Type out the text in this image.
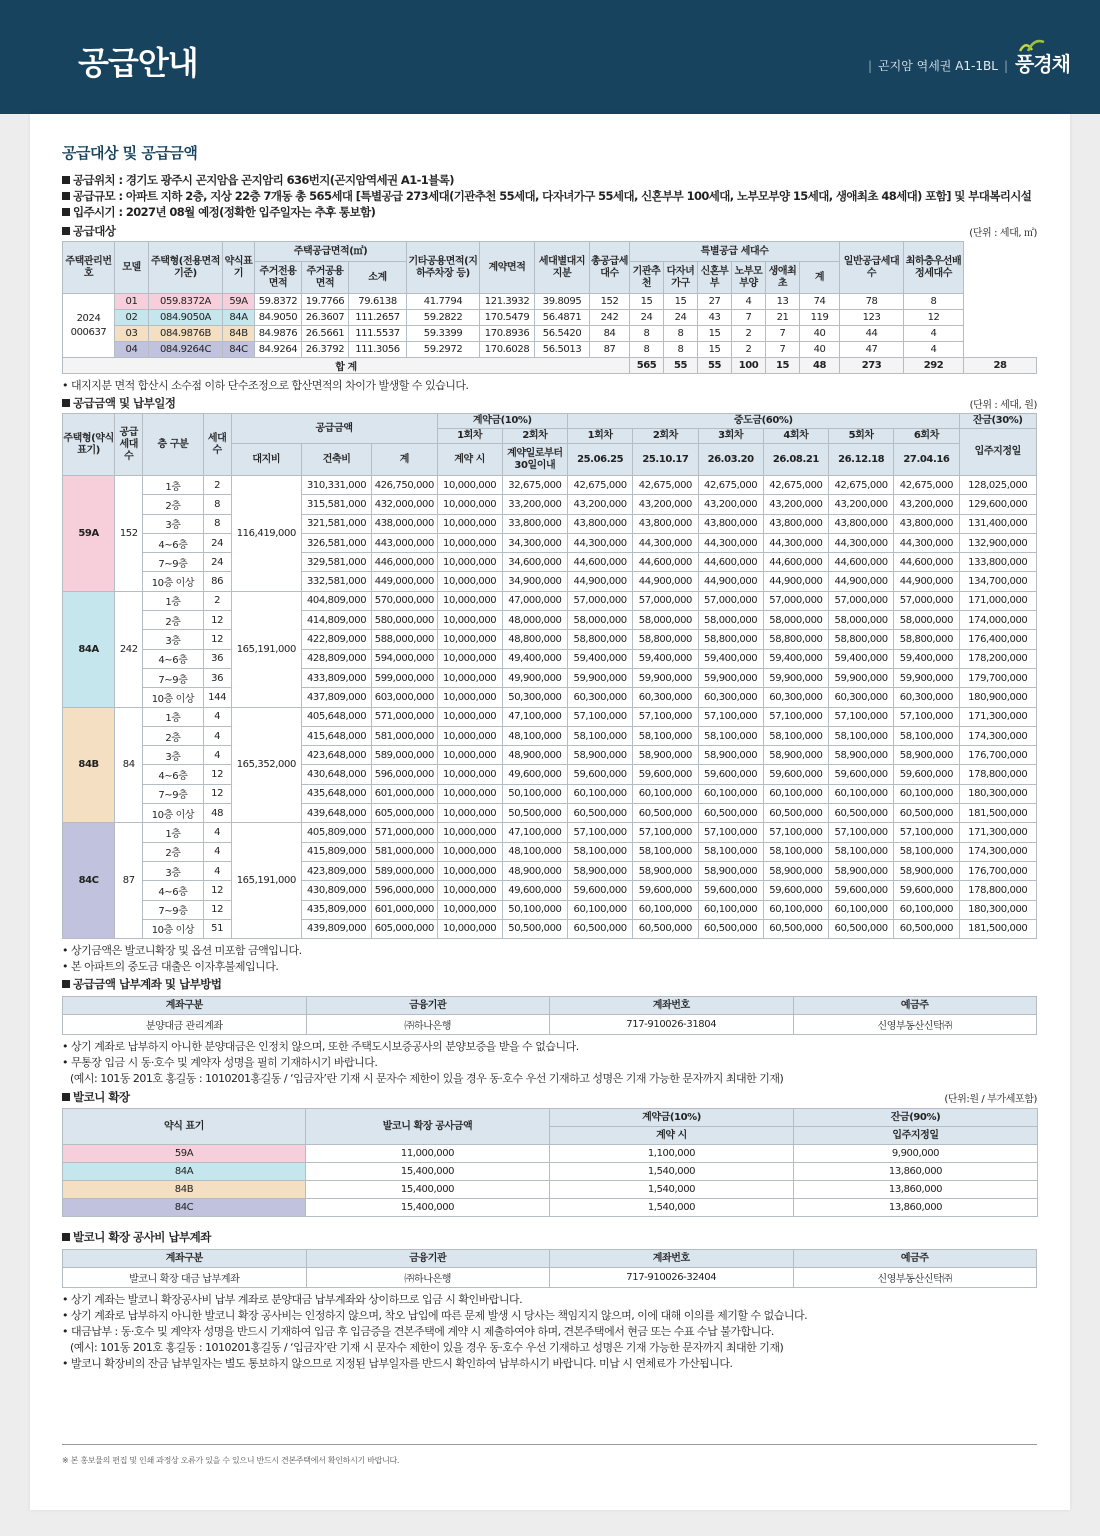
공급안내	| 곤지암 역세권 A1-1BL | 풍경채
공급대상 및 공급금액
공급위치 : 경기도 광주시 곤지암읍 곤지암리 636번지(곤지암역세권 A1-1블록)
공급규모 : 아파트 지하 2층, 지상 22층 7개동 총 565세대 [특별공급 273세대(기관추천 55세대, 다자녀가구 55세대, 신혼부부 100세대, 노부모부양 15세대, 생애최초 48세대) 포함] 및 부대복리시설
입주시기 : 2027년 08월 예정(정확한 입주일자는 추후 통보함)
공급대상	(단위 : 세대, ㎡)
주택관리번호	모델	주택형(전용면적기준)	약식표기	주택공급면적(㎡)			기타공용면적(지하주차장 등)	계약면적	세대별대지지분	총공급세대수	특별공급 세대수						일반공급세대수	최하층우선배정세대수	
				주거전용면적	주거공용면적	소계					기관추천	다자녀가구	신혼부부	노부모부양	생애최초	계			
2024 000637	01	059.8372A	59A	59.8372	19.7766	79.6138	41.7794	121.3932	39.8095	152	15	15	27	4	13	74	78	8	
	02	084.9050A	84A	84.9050	26.3607	111.2657	59.2822	170.5479	56.4871	242	24	24	43	7	21	119	123	12	
	03	084.9876B	84B	84.9876	26.5661	111.5537	59.3399	170.8936	56.5420	84	8	8	15	2	7	40	44	4	
	04	084.9264C	84C	84.9264	26.3792	111.3056	59.2972	170.6028	56.5013	87	8	8	15	2	7	40	47	4	
합 계											565	55	55	100	15	48	273	292	28
• 대지지분 면적 합산시 소수점 이하 단수조정으로 합산면적의 차이가 발생할 수 있습니다.
공급금액 및 납부일정	(단위 : 세대, 원)
주택형(약식표기)	공급세대수	층 구분	세대수	공급금액			계약금(10%)		중도금(60%)						잔금(30%)
							1회차	2회차	1회차	2회차	3회차	4회차	5회차	6회차	입주지정일
				대지비	건축비	계	계약 시	계약일로부터 30일이내	25.06.25	25.10.17	26.03.20	26.08.21	26.12.18	27.04.16	
59A	152	1층	2	116,419,000	310,331,000	426,750,000	10,000,000	32,675,000	42,675,000	42,675,000	42,675,000	42,675,000	42,675,000	42,675,000	128,025,000
		2층	8		315,581,000	432,000,000	10,000,000	33,200,000	43,200,000	43,200,000	43,200,000	43,200,000	43,200,000	43,200,000	129,600,000
		3층	8		321,581,000	438,000,000	10,000,000	33,800,000	43,800,000	43,800,000	43,800,000	43,800,000	43,800,000	43,800,000	131,400,000
		4~6층	24		326,581,000	443,000,000	10,000,000	34,300,000	44,300,000	44,300,000	44,300,000	44,300,000	44,300,000	44,300,000	132,900,000
		7~9층	24		329,581,000	446,000,000	10,000,000	34,600,000	44,600,000	44,600,000	44,600,000	44,600,000	44,600,000	44,600,000	133,800,000
		10층 이상	86		332,581,000	449,000,000	10,000,000	34,900,000	44,900,000	44,900,000	44,900,000	44,900,000	44,900,000	44,900,000	134,700,000
84A	242	1층	2	165,191,000	404,809,000	570,000,000	10,000,000	47,000,000	57,000,000	57,000,000	57,000,000	57,000,000	57,000,000	57,000,000	171,000,000
		2층	12		414,809,000	580,000,000	10,000,000	48,000,000	58,000,000	58,000,000	58,000,000	58,000,000	58,000,000	58,000,000	174,000,000
		3층	12		422,809,000	588,000,000	10,000,000	48,800,000	58,800,000	58,800,000	58,800,000	58,800,000	58,800,000	58,800,000	176,400,000
		4~6층	36		428,809,000	594,000,000	10,000,000	49,400,000	59,400,000	59,400,000	59,400,000	59,400,000	59,400,000	59,400,000	178,200,000
		7~9층	36		433,809,000	599,000,000	10,000,000	49,900,000	59,900,000	59,900,000	59,900,000	59,900,000	59,900,000	59,900,000	179,700,000
		10층 이상	144		437,809,000	603,000,000	10,000,000	50,300,000	60,300,000	60,300,000	60,300,000	60,300,000	60,300,000	60,300,000	180,900,000
84B	84	1층	4	165,352,000	405,648,000	571,000,000	10,000,000	47,100,000	57,100,000	57,100,000	57,100,000	57,100,000	57,100,000	57,100,000	171,300,000
		2층	4		415,648,000	581,000,000	10,000,000	48,100,000	58,100,000	58,100,000	58,100,000	58,100,000	58,100,000	58,100,000	174,300,000
		3층	4		423,648,000	589,000,000	10,000,000	48,900,000	58,900,000	58,900,000	58,900,000	58,900,000	58,900,000	58,900,000	176,700,000
		4~6층	12		430,648,000	596,000,000	10,000,000	49,600,000	59,600,000	59,600,000	59,600,000	59,600,000	59,600,000	59,600,000	178,800,000
		7~9층	12		435,648,000	601,000,000	10,000,000	50,100,000	60,100,000	60,100,000	60,100,000	60,100,000	60,100,000	60,100,000	180,300,000
		10층 이상	48		439,648,000	605,000,000	10,000,000	50,500,000	60,500,000	60,500,000	60,500,000	60,500,000	60,500,000	60,500,000	181,500,000
84C	87	1층	4	165,191,000	405,809,000	571,000,000	10,000,000	47,100,000	57,100,000	57,100,000	57,100,000	57,100,000	57,100,000	57,100,000	171,300,000
		2층	4		415,809,000	581,000,000	10,000,000	48,100,000	58,100,000	58,100,000	58,100,000	58,100,000	58,100,000	58,100,000	174,300,000
		3층	4		423,809,000	589,000,000	10,000,000	48,900,000	58,900,000	58,900,000	58,900,000	58,900,000	58,900,000	58,900,000	176,700,000
		4~6층	12		430,809,000	596,000,000	10,000,000	49,600,000	59,600,000	59,600,000	59,600,000	59,600,000	59,600,000	59,600,000	178,800,000
		7~9층	12		435,809,000	601,000,000	10,000,000	50,100,000	60,100,000	60,100,000	60,100,000	60,100,000	60,100,000	60,100,000	180,300,000
		10층 이상	51		439,809,000	605,000,000	10,000,000	50,500,000	60,500,000	60,500,000	60,500,000	60,500,000	60,500,000	60,500,000	181,500,000
• 상기금액은 발코니확장 및 옵션 미포함 금액입니다.
• 본 아파트의 중도금 대출은 이자후불제입니다.
공급금액 납부계좌 및 납부방법
계좌구분	금융기관	계좌번호	예금주
분양대금 관리계좌	㈜하나은행	717-910026-31804	신영부동산신탁㈜
• 상기 계좌로 납부하지 아니한 분양대금은 인정치 않으며, 또한 주택도시보증공사의 분양보증을 받을 수 없습니다.
• 무통장 입금 시 동·호수 및 계약자 성명을 필히 기재하시기 바랍니다.
(예시: 101동 201호 홍길동 : 1010201홍길동 / ‘입금자’란 기재 시 문자수 제한이 있을 경우 동·호수 우선 기재하고 성명은 기재 가능한 문자까지 최대한 기재)
발코니 확장	(단위:원 / 부가세포함)
약식 표기	발코니 확장 공사금액	계약금(10%)	잔금(90%)
		계약 시	입주지정일
59A	11,000,000	1,100,000	9,900,000
84A	15,400,000	1,540,000	13,860,000
84B	15,400,000	1,540,000	13,860,000
84C	15,400,000	1,540,000	13,860,000
발코니 확장 공사비 납부계좌
계좌구분	금융기관	계좌번호	예금주
발코니 확장 대금 납부계좌	㈜하나은행	717-910026-32404	신영부동산신탁㈜
• 상기 계좌는 발코니 확장공사비 납부 계좌로 분양대금 납부계좌와 상이하므로 입금 시 확인바랍니다.
• 상기 계좌로 납부하지 아니한 발코니 확장 공사비는 인정하지 않으며, 착오 납입에 따른 문제 발생 시 당사는 책임지지 않으며, 이에 대해 이의를 제기할 수 없습니다.
• 대금납부 : 동·호수 및 계약자 성명을 반드시 기재하여 입금 후 입금증을 견본주택에 계약 시 제출하여야 하며, 견본주택에서 현금 또는 수표 수납 불가합니다.
(예시: 101동 201호 홍길동 : 1010201홍길동 / ‘입금자’란 기재 시 문자수 제한이 있을 경우 동·호수 우선 기재하고 성명은 기재 가능한 문자까지 최대한 기재)
• 발코니 확장비의 잔금 납부일자는 별도 통보하지 않으므로 지정된 납부일자를 반드시 확인하여 납부하시기 바랍니다. 미납 시 연체료가 가산됩니다.
※ 본 홍보물의 편집 및 인쇄 과정상 오류가 있을 수 있으니 반드시 견본주택에서 확인하시기 바랍니다.
